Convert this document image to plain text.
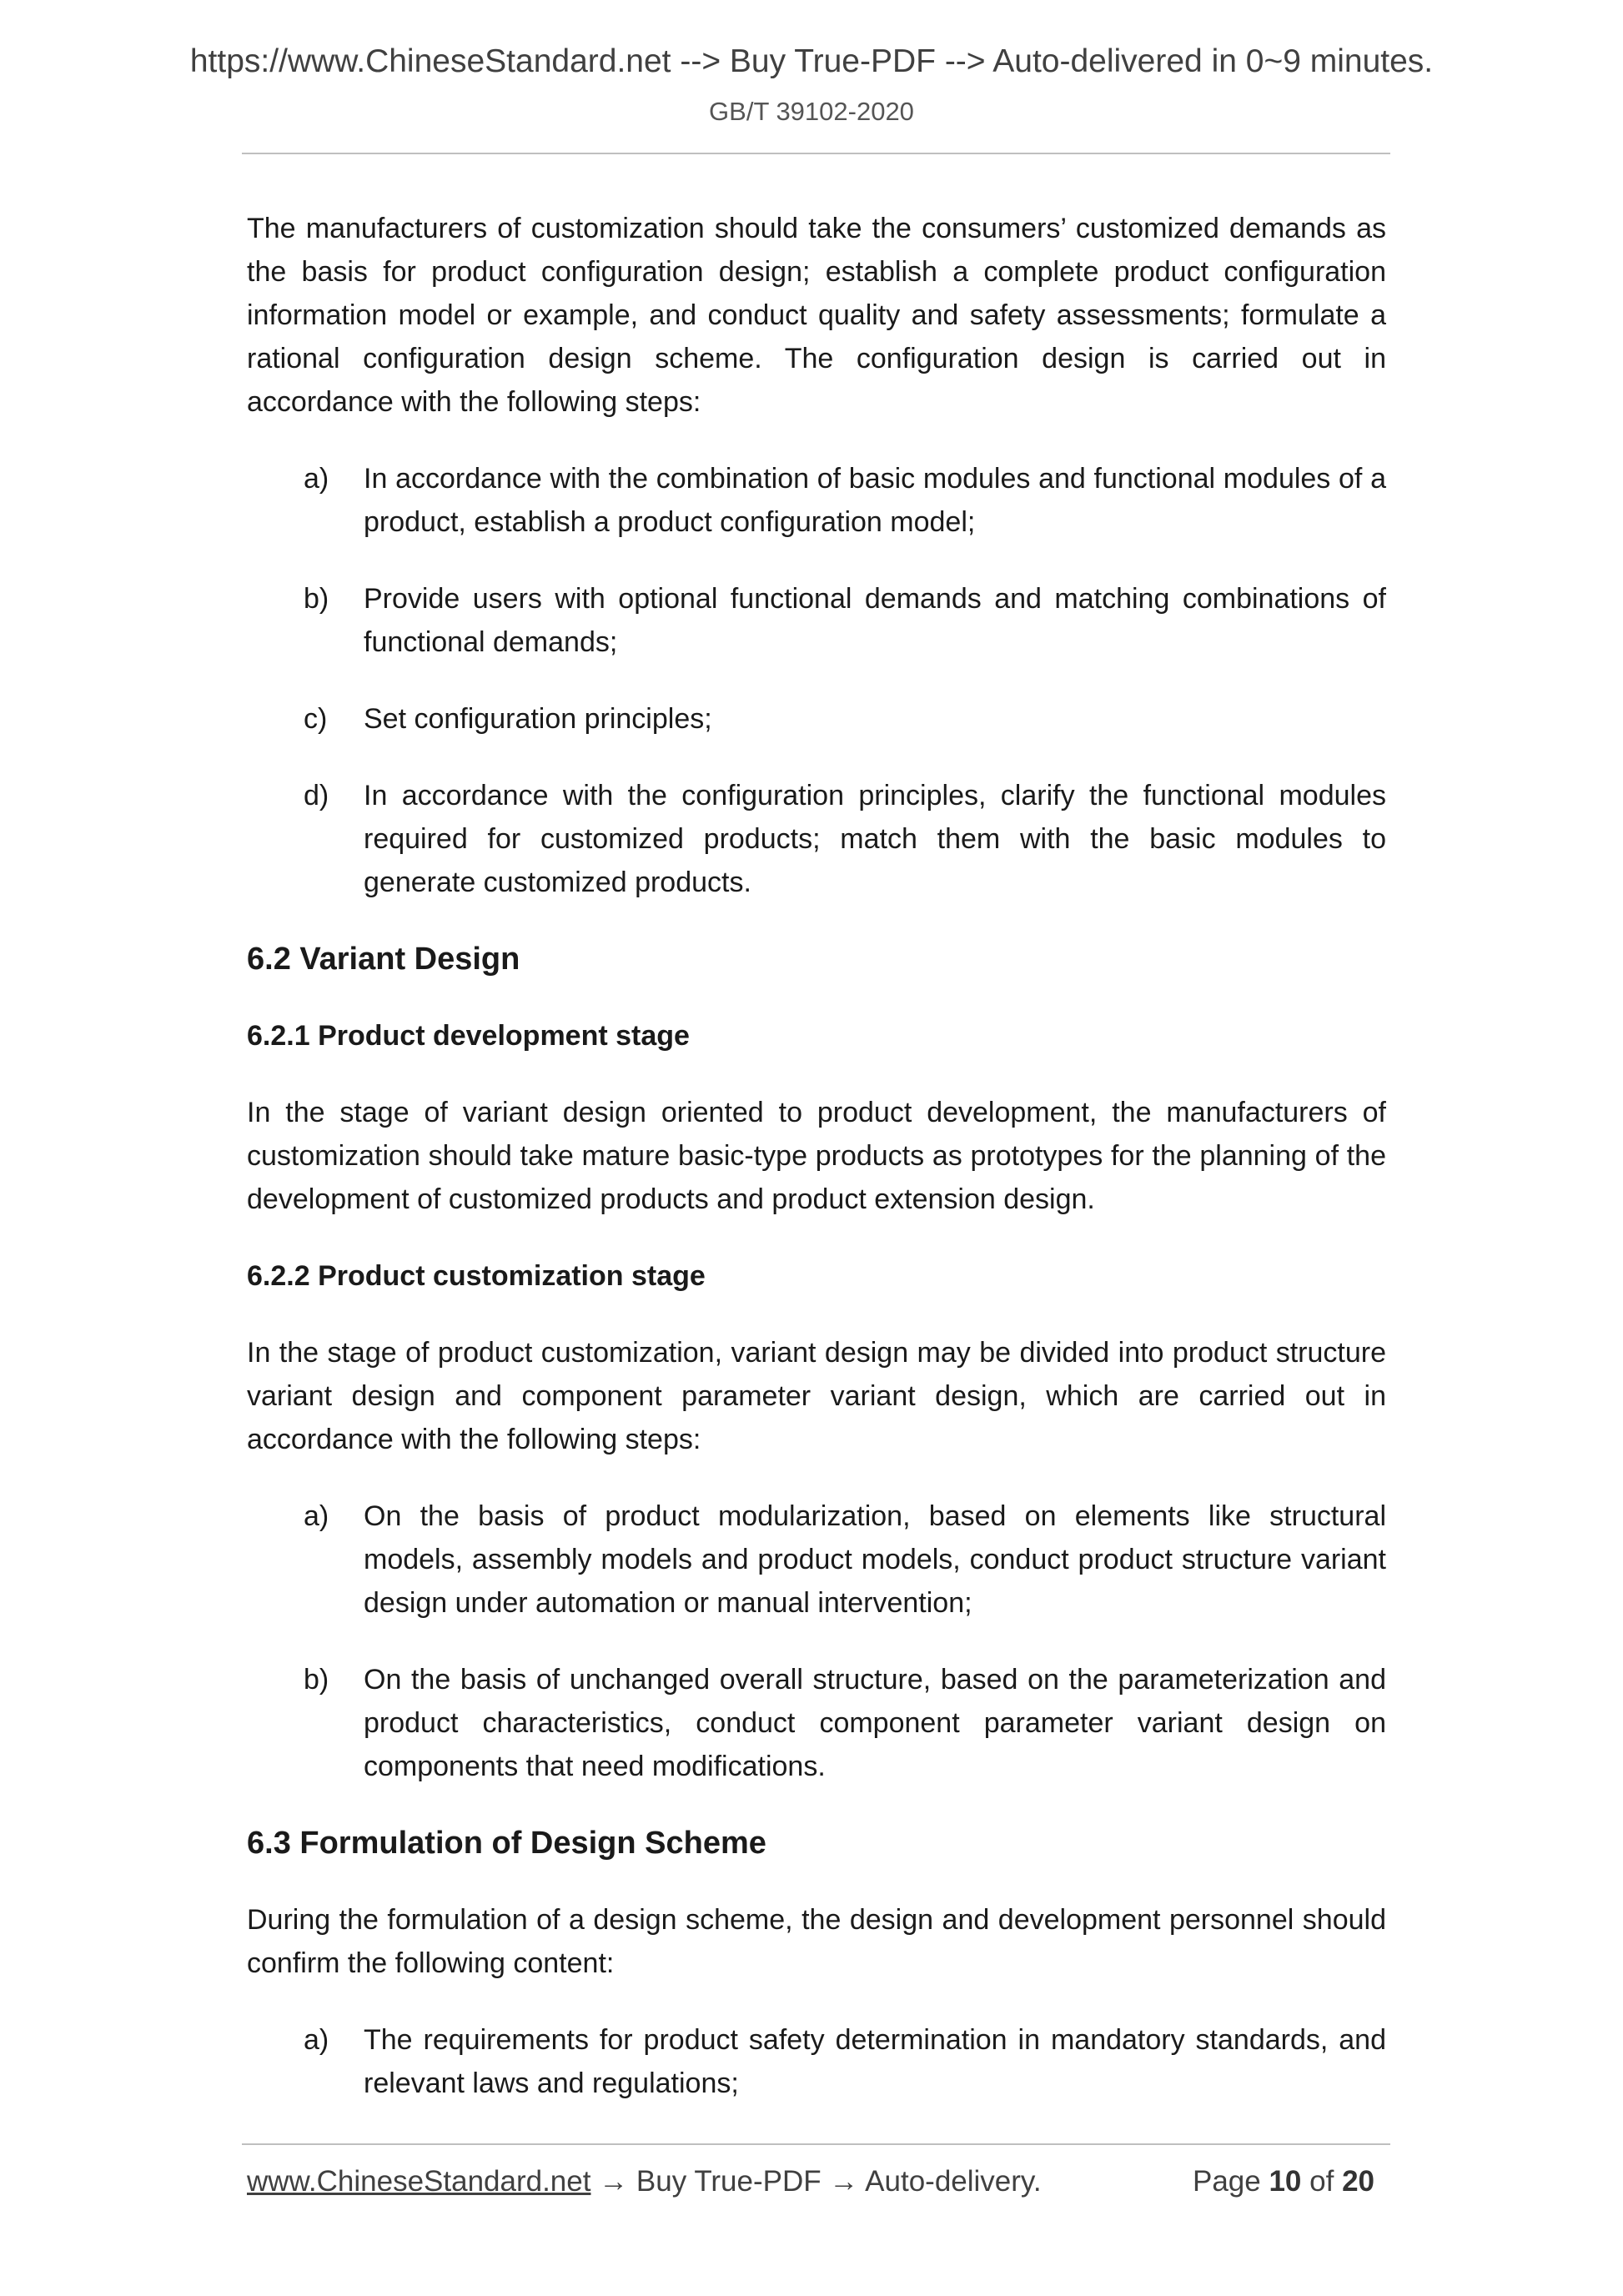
https://www.ChineseStandard.net --> Buy True-PDF --> Auto-delivered in 0~9 minutes.
GB/T 39102-2020

The manufacturers of customization should take the consumers’ customized demands as the basis for product configuration design; establish a complete product configuration information model or example, and conduct quality and safety assessments; formulate a rational configuration design scheme. The configuration design is carried out in accordance with the following steps:

a) In accordance with the combination of basic modules and functional modules of a product, establish a product configuration model;
b) Provide users with optional functional demands and matching combinations of functional demands;
c) Set configuration principles;
d) In accordance with the configuration principles, clarify the functional modules required for customized products; match them with the basic modules to generate customized products.
6.2 Variant Design
6.2.1 Product development stage

In the stage of variant design oriented to product development, the manufacturers of customization should take mature basic-type products as prototypes for the planning of the development of customized products and product extension design.

6.2.2 Product customization stage

In the stage of product customization, variant design may be divided into product structure variant design and component parameter variant design, which are carried out in accordance with the following steps:

a) On the basis of product modularization, based on elements like structural models, assembly models and product models, conduct product structure variant design under automation or manual intervention;
b) On the basis of unchanged overall structure, based on the parameterization and product characteristics, conduct component parameter variant design on components that need modifications.
6.3 Formulation of Design Scheme

During the formulation of a design scheme, the design and development personnel should confirm the following content:

a) The requirements for product safety determination in mandatory standards, and relevant laws and regulations;
www.ChineseStandard.net → Buy True-PDF → Auto-delivery.	Page 10 of 20
